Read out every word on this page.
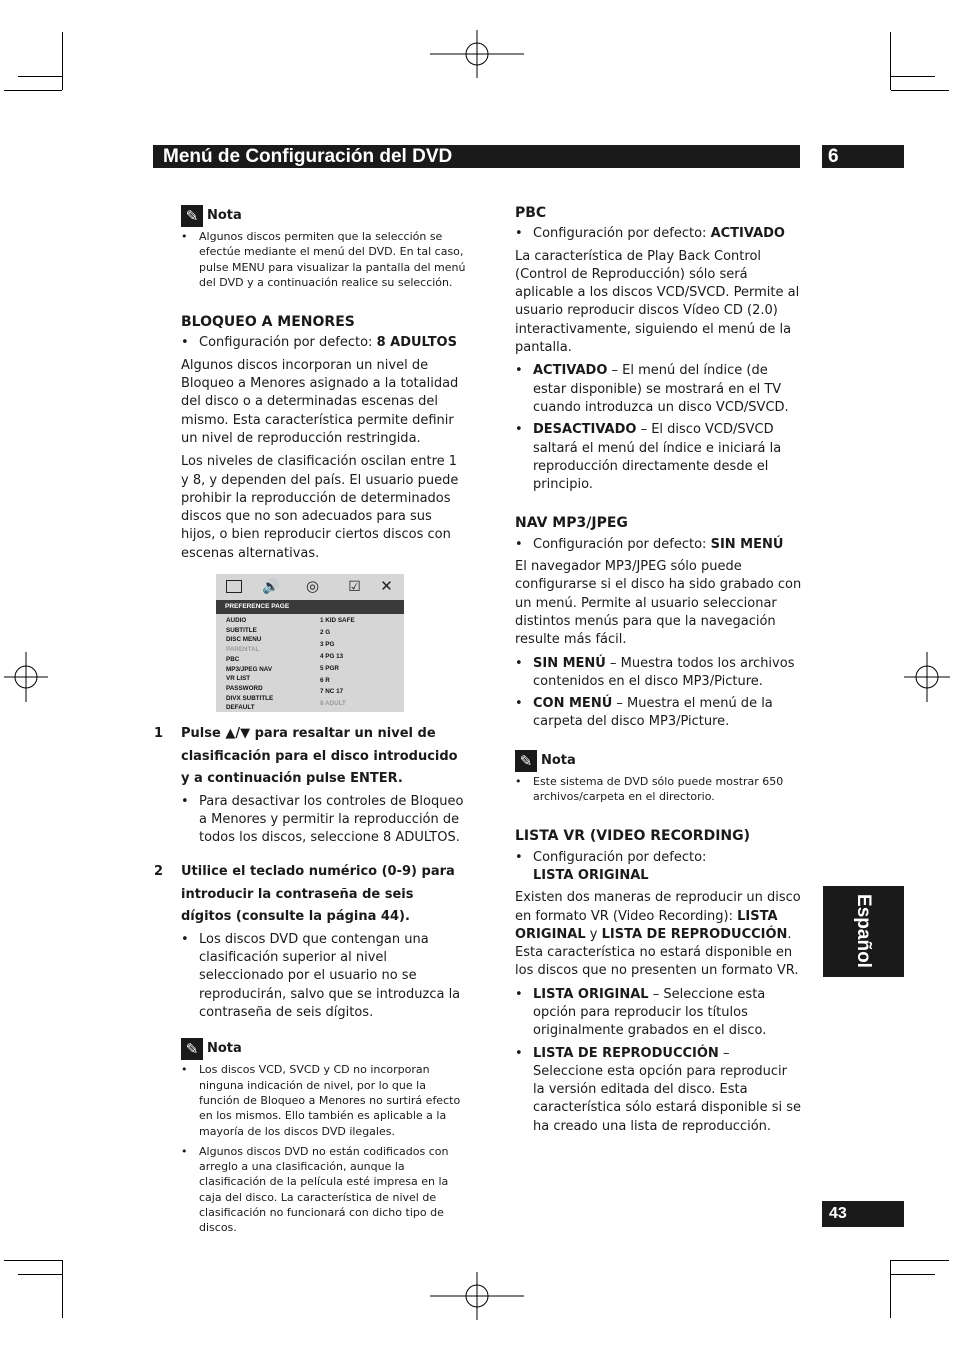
Menú de Configuración del DVD	6
Español
43
✎ Nota
• Algunos discos permiten que la selección se efectúe mediante el menú del DVD. En tal caso, pulse MENU para visualizar la pantalla del menú del DVD y a continuación realice su selección.
BLOQUEO A MENORES
• Configuración por defecto: 8 ADULTOS

Algunos discos incorporan un nivel de Bloqueo a Menores asignado a la totalidad del disco o a determinadas escenas del mismo. Esta característica permite definir un nivel de reproducción restringida.

Los niveles de clasificación oscilan entre 1 y 8, y dependen del país. El usuario puede prohibir la reproducción de determinados discos que no son adecuados para sus hijos, o bien reproducir ciertos discos con escenas alternativas.

🔊 ◎ ☑ ✕
PREFERENCE PAGE
AUDIO
SUBTITLE
DISC MENU
PARENTAL
PBC
MP3/JPEG NAV
VR LIST
PASSWORD
DIVX SUBTITLE
DEFAULT
1 KID SAFE
2 G
3 PG
4 PG 13
5 PGR
6 R
7 NC 17
8 ADULT
1 Pulse ▲/▼ para resaltar un nivel de clasificación para el disco introducido y a continuación pulse ENTER.
• Para desactivar los controles de Bloqueo a Menores y permitir la reproducción de todos los discos, seleccione 8 ADULTOS.
2 Utilice el teclado numérico (0-9) para introducir la contraseña de seis dígitos (consulte la página 44).
• Los discos DVD que contengan una clasificación superior al nivel seleccionado por el usuario no se reproducirán, salvo que se introduzca la contraseña de seis dígitos.
✎ Nota
• Los discos VCD, SVCD y CD no incorporan ninguna indicación de nivel, por lo que la función de Bloqueo a Menores no surtirá efecto en los mismos. Ello también es aplicable a la mayoría de los discos DVD ilegales.
• Algunos discos DVD no están codificados con arreglo a una clasificación, aunque la clasificación de la película esté impresa en la caja del disco. La característica de nivel de clasificación no funcionará con dicho tipo de discos.
PBC
• Configuración por defecto: ACTIVADO

La característica de Play Back Control (Control de Reproducción) sólo será aplicable a los discos VCD/SVCD. Permite al usuario reproducir discos Vídeo CD (2.0) interactivamente, siguiendo el menú de la pantalla.

• ACTIVADO – El menú del índice (de estar disponible) se mostrará en el TV cuando introduzca un disco VCD/SVCD.
• DESACTIVADO – El disco VCD/SVCD saltará el menú del índice e iniciará la reproducción directamente desde el principio.
NAV MP3/JPEG
• Configuración por defecto: SIN MENÚ

El navegador MP3/JPEG sólo puede configurarse si el disco ha sido grabado con un menú. Permite al usuario seleccionar distintos menús para que la navegación resulte más fácil.

• SIN MENÚ – Muestra todos los archivos contenidos en el disco MP3/Picture.
• CON MENÚ – Muestra el menú de la carpeta del disco MP3/Picture.
✎ Nota
• Este sistema de DVD sólo puede mostrar 650 archivos/carpeta en el directorio.
LISTA VR (VIDEO RECORDING)
• Configuración por defecto:
LISTA ORIGINAL

Existen dos maneras de reproducir un disco en formato VR (Video Recording): LISTA ORIGINAL y LISTA DE REPRODUCCIÓN. Esta característica no estará disponible en los discos que no presenten un formato VR.

• LISTA ORIGINAL – Seleccione esta opción para reproducir los títulos originalmente grabados en el disco.
• LISTA DE REPRODUCCIÓN – Seleccione esta opción para reproducir la versión editada del disco. Esta característica sólo estará disponible si se ha creado una lista de reproducción.
